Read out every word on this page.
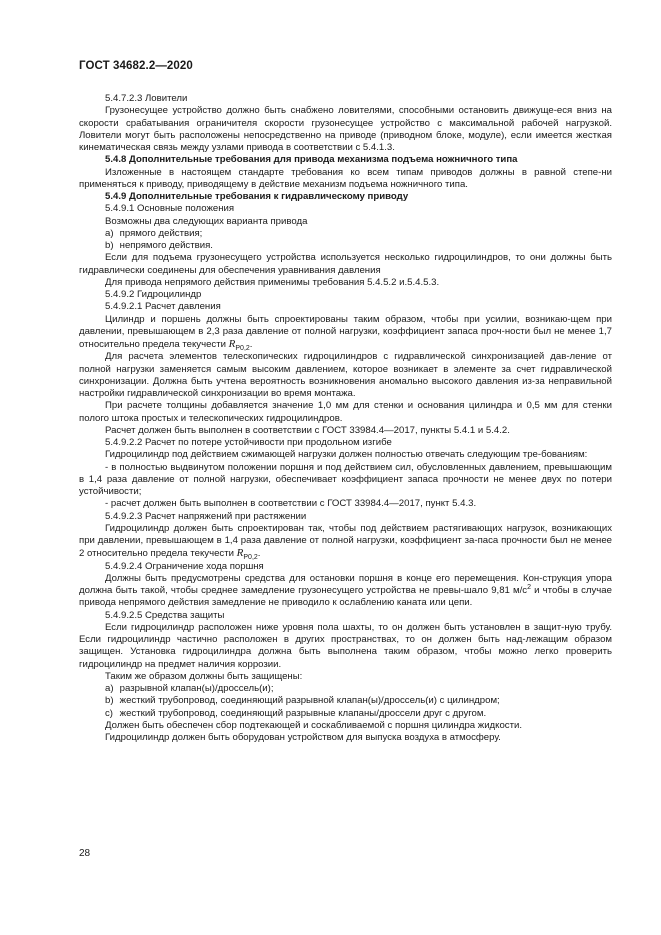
ГОСТ 34682.2—2020

5.4.7.2.3 Ловители

Грузонесущее устройство должно быть снабжено ловителями, способными остановить движуще-еся вниз на скорости срабатывания ограничителя скорости грузонесущее устройство с максимальной рабочей нагрузкой. Ловители могут быть расположены непосредственно на приводе (приводном блоке, модуле), если имеется жесткая кинематическая связь между узлами привода в соответствии с 5.4.1.3.

5.4.8 Дополнительные требования для привода механизма подъема ножничного типа

Изложенные в настоящем стандарте требования ко всем типам приводов должны в равной степе-ни применяться к приводу, приводящему в действие механизм подъема ножничного типа.

5.4.9 Дополнительные требования к гидравлическому приводу

5.4.9.1 Основные положения

Возможны два следующих варианта привода

a) прямого действия;

b) непрямого действия.

Если для подъема грузонесущего устройства используется несколько гидроцилиндров, то они должны быть гидравлически соединены для обеспечения уравнивания давления

Для привода непрямого действия применимы требования 5.4.5.2 и.5.4.5.3.

5.4.9.2 Гидроцилиндр

5.4.9.2.1 Расчет давления

Цилиндр и поршень должны быть спроектированы таким образом, чтобы при усилии, возникаю-щем при давлении, превышающем в 2,3 раза давление от полной нагрузки, коэффициент запаса проч-ности был не менее 1,7 относительно предела текучести $R_{P0,2}$.

Для расчета элементов телескопических гидроцилиндров с гидравлической синхронизацией дав-ление от полной нагрузки заменяется самым высоким давлением, которое возникает в элементе за счет гидравлической синхронизации. Должна быть учтена вероятность возникновения аномально высокого давления из-за неправильной настройки гидравлической синхронизации во время монтажа.

При расчете толщины добавляется значение 1,0 мм для стенки и основания цилиндра и 0,5 мм для стенки полого штока простых и телескопических гидроцилиндров.

Расчет должен быть выполнен в соответствии с ГОСТ 33984.4—2017, пункты 5.4.1 и 5.4.2.

5.4.9.2.2 Расчет по потере устойчивости при продольном изгибе

Гидроцилиндр под действием сжимающей нагрузки должен полностью отвечать следующим тре-бованиям:

- в полностью выдвинутом положении поршня и под действием сил, обусловленных давлением, превышающим в 1,4 раза давление от полной нагрузки, обеспечивает коэффициент запаса прочности не менее двух по потери устойчивости;

- расчет должен быть выполнен в соответствии с ГОСТ 33984.4—2017, пункт 5.4.3.

5.4.9.2.3 Расчет напряжений при растяжении

Гидроцилиндр должен быть спроектирован так, чтобы под действием растягивающих нагрузок, возникающих при давлении, превышающем в 1,4 раза давление от полной нагрузки, коэффициент за-паса прочности был не менее 2 относительно предела текучести $R_{P0,2}$.

5.4.9.2.4 Ограничение хода поршня

Должны быть предусмотрены средства для остановки поршня в конце его перемещения. Кон-струкция упора должна быть такой, чтобы среднее замедление грузонесущего устройства не превы-шало 9,81 $м/с^2$ и чтобы в случае привода непрямого действия замедление не приводило к ослаблению каната или цепи.

5.4.9.2.5 Средства защиты

Если гидроцилиндр расположен ниже уровня пола шахты, то он должен быть установлен в защит-ную трубу. Если гидроцилиндр частично расположен в других пространствах, то он должен быть над-лежащим образом защищен. Установка гидроцилиндра должна быть выполнена таким образом, чтобы можно легко проверить гидроцилиндр на предмет наличия коррозии.

Таким же образом должны быть защищены:

a) разрывной клапан(ы)/дроссель(и);

b) жесткий трубопровод, соединяющий разрывной клапан(ы)/дроссель(и) с цилиндром;

c) жесткий трубопровод, соединяющий разрывные клапаны/дроссели друг с другом.

Должен быть обеспечен сбор подтекающей и соскабливаемой с поршня цилиндра жидкости.

Гидроцилиндр должен быть оборудован устройством для выпуска воздуха в атмосферу.

28
